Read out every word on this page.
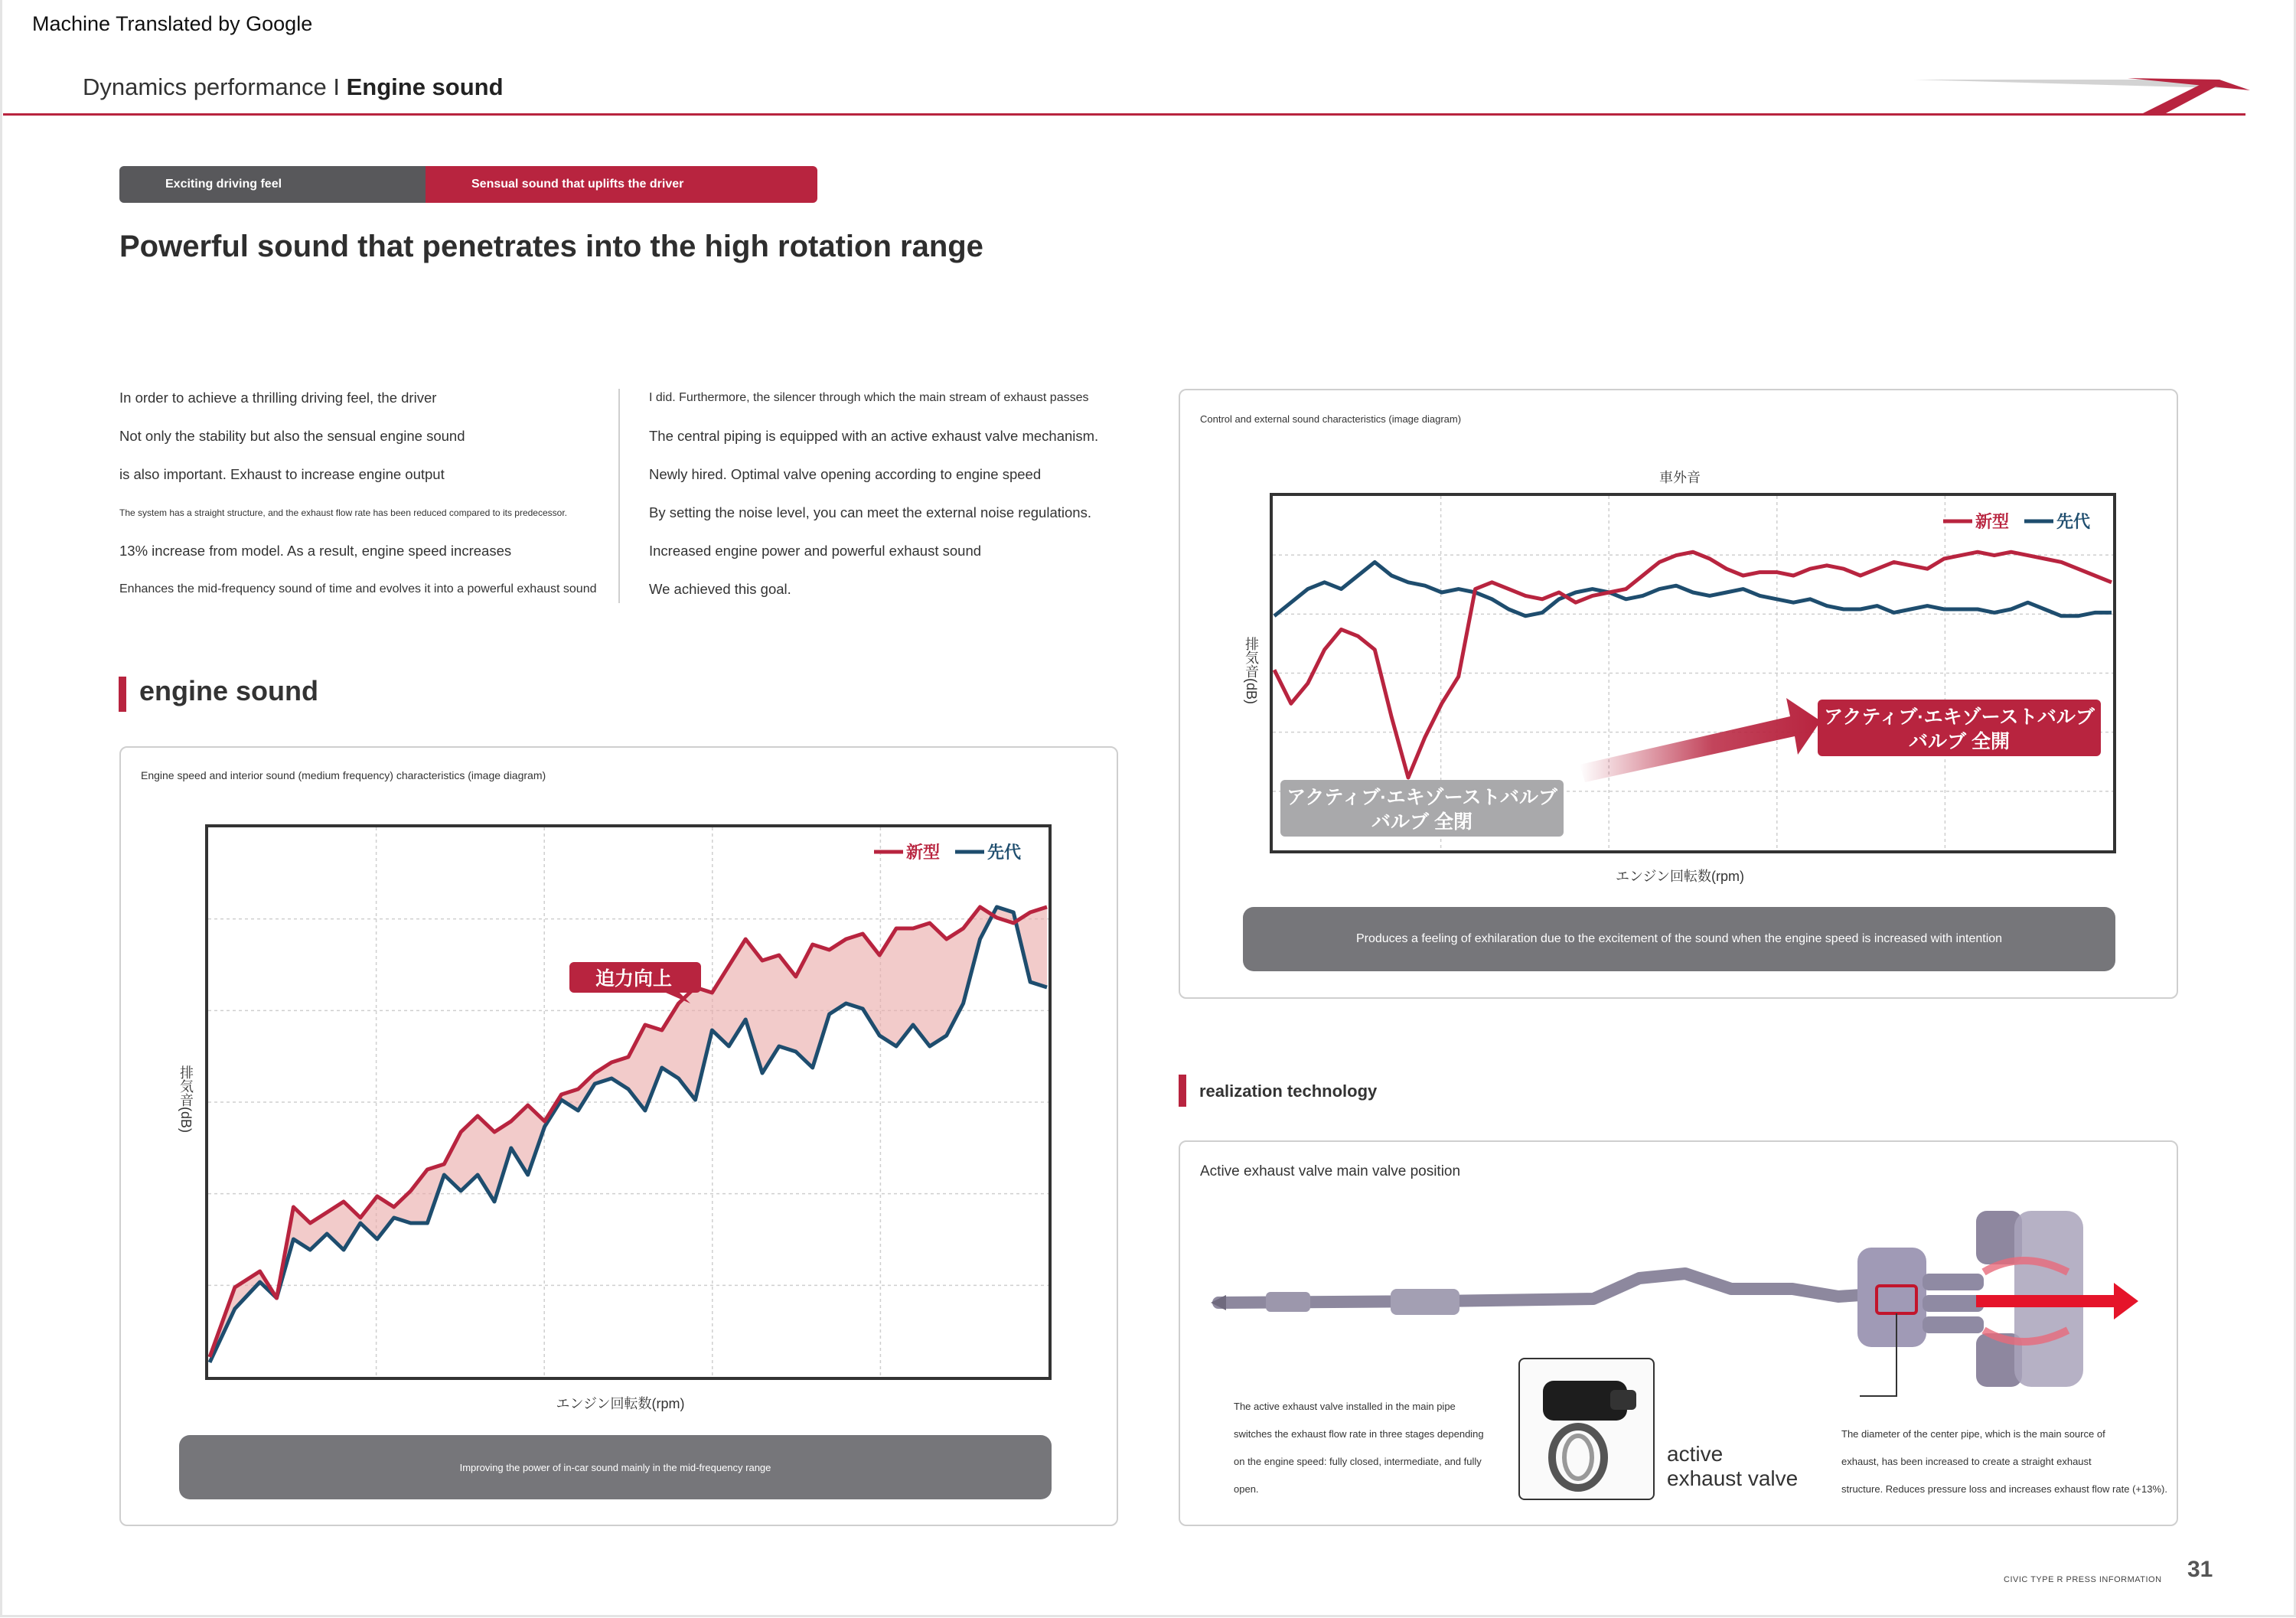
Machine Translated by Google
Dynamics performance I Engine sound
Exciting driving feel	Sensual sound that uplifts the driver
Powerful sound that penetrates into the high rotation range
In order to achieve a thrilling driving feel, the driver
Not only the stability but also the sensual engine sound
is also important. Exhaust to increase engine output
The system has a straight structure, and the exhaust flow rate has been reduced compared to its predecessor.
13% increase from model. As a result, engine speed increases
Enhances the mid-frequency sound of time and evolves it into a powerful exhaust sound
I did. Furthermore, the silencer through which the main stream of exhaust passes
The central piping is equipped with an active exhaust valve mechanism.
Newly hired. Optimal valve opening according to engine speed
By setting the noise level, you can meet the external noise regulations.
Increased engine power and powerful exhaust sound
We achieved this goal.
engine sound
Engine speed and interior sound (medium frequency) characteristics (image diagram)
排気音(dB)
新型	先代
迫力向上
エンジン回転数(rpm)
Improving the power of in-car sound mainly in the mid-frequency range
Control and external sound characteristics (image diagram)
車外音
排気音(dB)
新型	先代
アクティブ·エキゾーストバルブ
バルブ 全閉
アクティブ·エキゾーストバルブ
バルブ 全開
エンジン回転数(rpm)
Produces a feeling of exhilaration due to the excitement of the sound when the engine speed is increased with intention
realization technology
Active exhaust valve main valve position
active
exhaust valve
The active exhaust valve installed in the main pipe
switches the exhaust flow rate in three stages depending
on the engine speed: fully closed, intermediate, and fully
open.
The diameter of the center pipe, which is the main source of
exhaust, has been increased to create a straight exhaust
structure. Reduces pressure loss and increases exhaust flow rate (+13%).
CIVIC TYPE R PRESS INFORMATION 31
